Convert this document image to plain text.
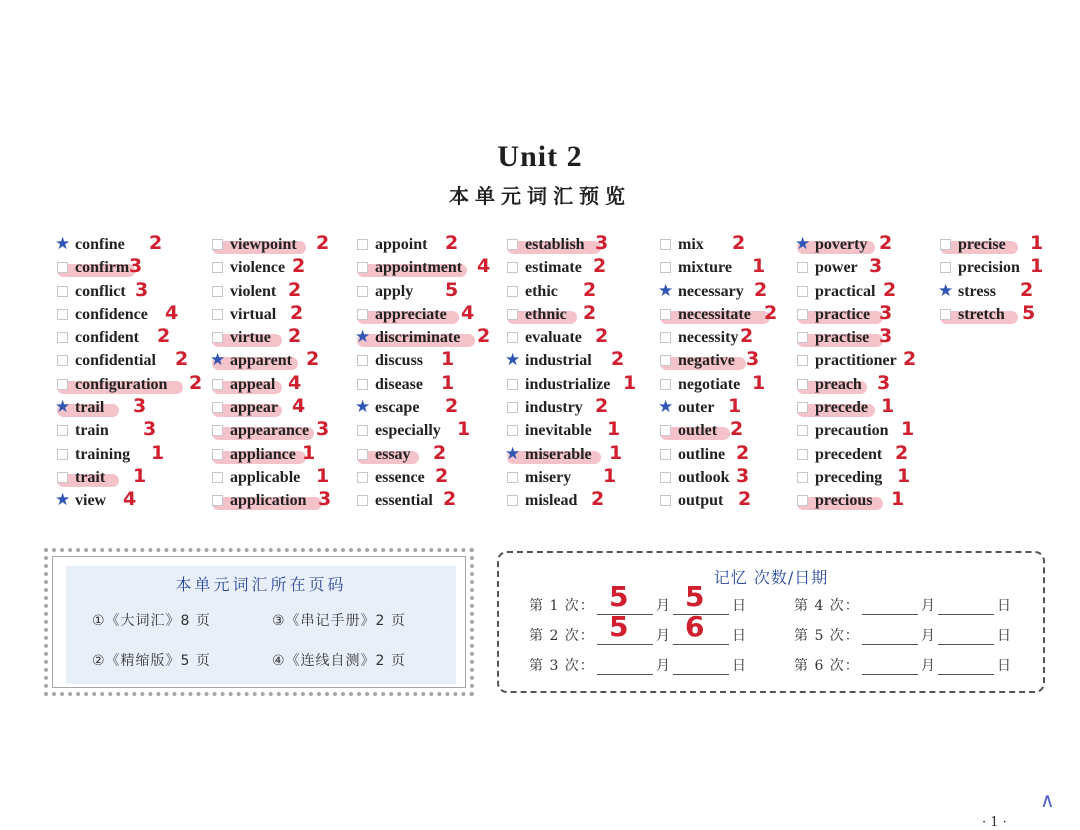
Unit 2
本单元词汇预览
★ confine 2
confirm 3
conflict 3
confidence 4
confident 2
confidential 2
configuration 2
★ trail 3
train 3
training 1
trait 1
★ view 4
viewpoint 2
violence 2
violent 2
virtual 2
virtue 2
★ apparent 2
appeal 4
appear 4
appearance 3
appliance 1
applicable 1
application 3
appoint 2
appointment 4
apply 5
appreciate 4
★ discriminate 2
discuss 1
disease 1
★ escape 2
especially 1
essay 2
essence 2
essential 2
establish 3
estimate 2
ethic 2
ethnic 2
evaluate 2
★ industrial 2
industrialize 1
industry 2
inevitable 1
★ miserable 1
misery 1
mislead 2
mix 2
mixture 1
★ necessary 2
necessitate 2
necessity 2
negative 3
negotiate 1
★ outer 1
outlet 2
outline 2
outlook 3
output 2
★ poverty 2
power 3
practical 2
practice 3
practise 3
practitioner 2
preach 3
precede 1
precaution 1
precedent 2
preceding 1
precious 1
precise 1
precision 1
★ stress 2
stretch 5
本单元词汇所在页码
①《大词汇》8 页	③《串记手册》2 页
②《精缩版》5 页	④《连线自测》2 页
记忆 次数/日期
第 1 次： 5 月 5 日
第 2 次： 5 月 6 日
第 3 次：	月	日
第 4 次：	月	日
第 5 次：	月	日
第 6 次：	月	日
∧
· 1 ·
